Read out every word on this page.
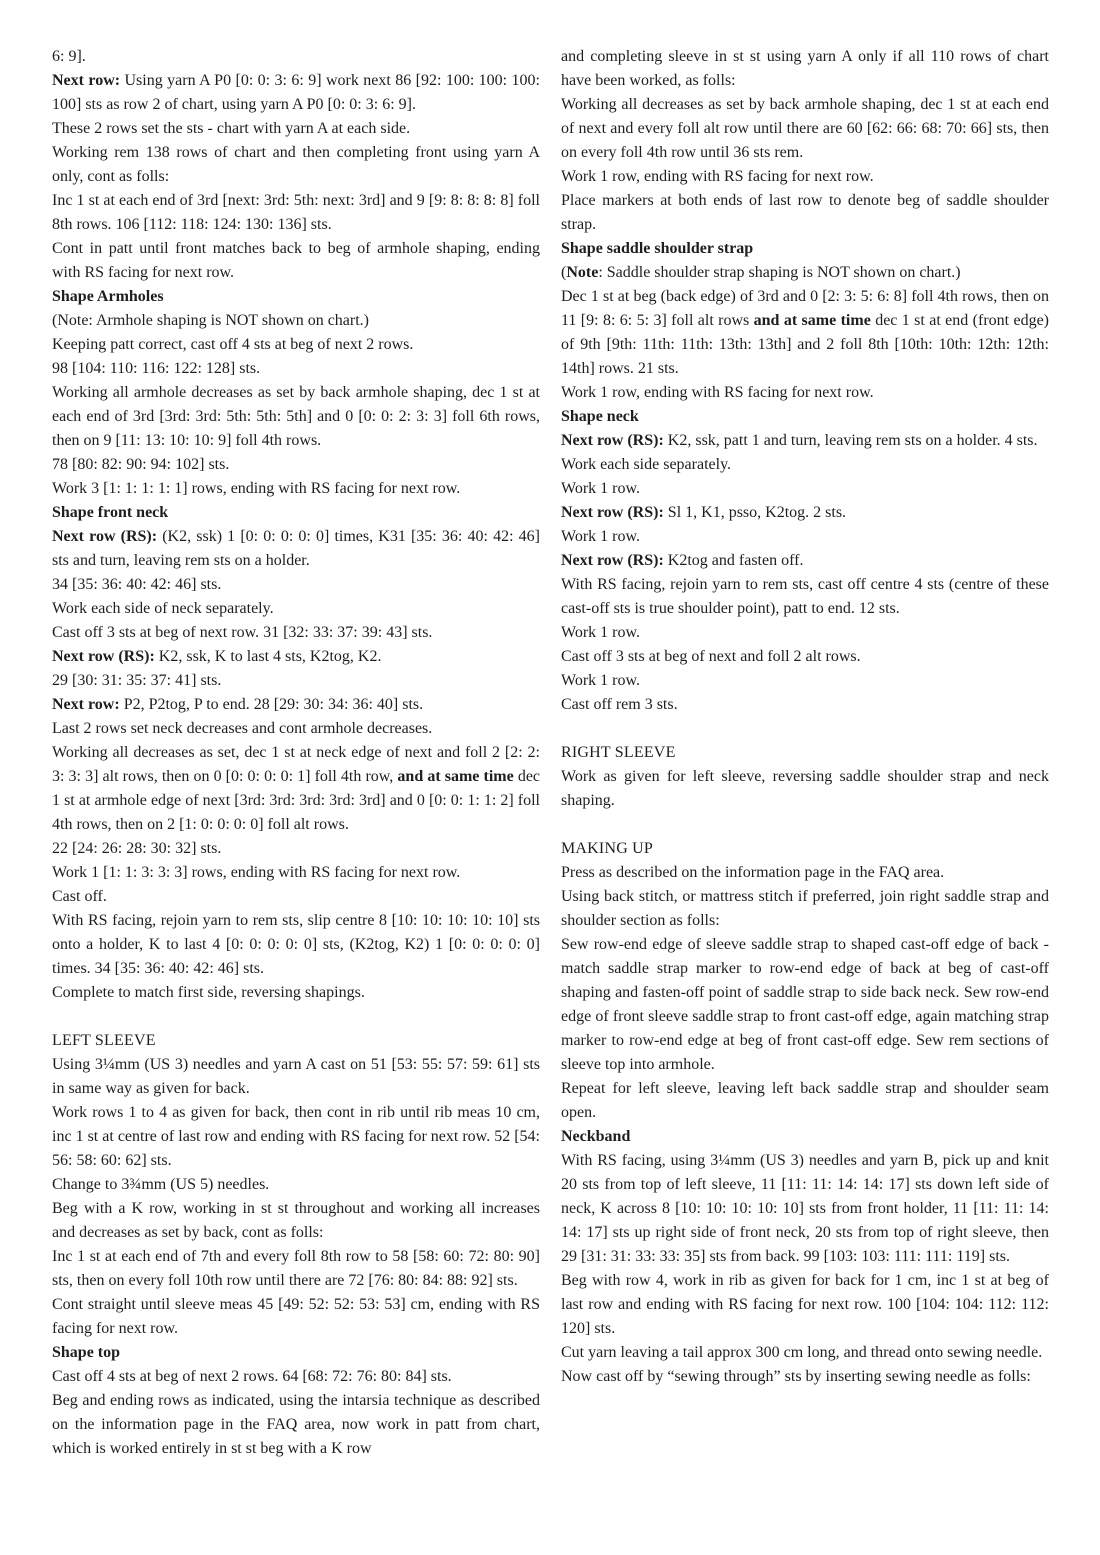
6: 9].

Next row: Using yarn A P0 [0: 0: 3: 6: 9] work next 86 [92: 100: 100: 100: 100] sts as row 2 of chart, using yarn A P0 [0: 0: 3: 6: 9].

These 2 rows set the sts - chart with yarn A at each side.

Working rem 138 rows of chart and then completing front using yarn A only, cont as folls:

Inc 1 st at each end of 3rd [next: 3rd: 5th: next: 3rd] and 9 [9: 8: 8: 8: 8] foll 8th rows. 106 [112: 118: 124: 130: 136] sts.

Cont in patt until front matches back to beg of armhole shaping, ending with RS facing for next row.

Shape Armholes

(Note: Armhole shaping is NOT shown on chart.)

Keeping patt correct, cast off 4 sts at beg of next 2 rows.

98 [104: 110: 116: 122: 128] sts.

Working all armhole decreases as set by back armhole shaping, dec 1 st at each end of 3rd [3rd: 3rd: 5th: 5th: 5th] and 0 [0: 0: 2: 3: 3] foll 6th rows, then on 9 [11: 13: 10: 10: 9] foll 4th rows.

78 [80: 82: 90: 94: 102] sts.

Work 3 [1: 1: 1: 1: 1] rows, ending with RS facing for next row.

Shape front neck

Next row (RS): (K2, ssk) 1 [0: 0: 0: 0: 0] times, K31 [35: 36: 40: 42: 46] sts and turn, leaving rem sts on a holder.

34 [35: 36: 40: 42: 46] sts.

Work each side of neck separately.

Cast off 3 sts at beg of next row. 31 [32: 33: 37: 39: 43] sts.

Next row (RS): K2, ssk, K to last 4 sts, K2tog, K2.

29 [30: 31: 35: 37: 41] sts.

Next row: P2, P2tog, P to end. 28 [29: 30: 34: 36: 40] sts.

Last 2 rows set neck decreases and cont armhole decreases.

Working all decreases as set, dec 1 st at neck edge of next and foll 2 [2: 2: 3: 3: 3] alt rows, then on 0 [0: 0: 0: 0: 1] foll 4th row, and at same time dec 1 st at armhole edge of next [3rd: 3rd: 3rd: 3rd: 3rd] and 0 [0: 0: 1: 1: 2] foll 4th rows, then on 2 [1: 0: 0: 0: 0] foll alt rows.

22 [24: 26: 28: 30: 32] sts.

Work 1 [1: 1: 3: 3: 3] rows, ending with RS facing for next row.

Cast off.

With RS facing, rejoin yarn to rem sts, slip centre 8 [10: 10: 10: 10: 10] sts onto a holder, K to last 4 [0: 0: 0: 0: 0] sts, (K2tog, K2) 1 [0: 0: 0: 0: 0] times. 34 [35: 36: 40: 42: 46] sts.

Complete to match first side, reversing shapings.

LEFT SLEEVE

Using 3¼mm (US 3) needles and yarn A cast on 51 [53: 55: 57: 59: 61] sts in same way as given for back.

Work rows 1 to 4 as given for back, then cont in rib until rib meas 10 cm, inc 1 st at centre of last row and ending with RS facing for next row. 52 [54: 56: 58: 60: 62] sts.

Change to 3¾mm (US 5) needles.

Beg with a K row, working in st st throughout and working all increases and decreases as set by back, cont as folls:

Inc 1 st at each end of 7th and every foll 8th row to 58 [58: 60: 72: 80: 90] sts, then on every foll 10th row until there are 72 [76: 80: 84: 88: 92] sts.

Cont straight until sleeve meas 45 [49: 52: 52: 53: 53] cm, ending with RS facing for next row.

Shape top

Cast off 4 sts at beg of next 2 rows. 64 [68: 72: 76: 80: 84] sts.

Beg and ending rows as indicated, using the intarsia technique as described on the information page in the FAQ area, now work in patt from chart, which is worked entirely in st st beg with a K row

and completing sleeve in st st using yarn A only if all 110 rows of chart have been worked, as folls:

Working all decreases as set by back armhole shaping, dec 1 st at each end of next and every foll alt row until there are 60 [62: 66: 68: 70: 66] sts, then on every foll 4th row until 36 sts rem.

Work 1 row, ending with RS facing for next row.

Place markers at both ends of last row to denote beg of saddle shoulder strap.

Shape saddle shoulder strap

(Note: Saddle shoulder strap shaping is NOT shown on chart.)

Dec 1 st at beg (back edge) of 3rd and 0 [2: 3: 5: 6: 8] foll 4th rows, then on 11 [9: 8: 6: 5: 3] foll alt rows and at same time dec 1 st at end (front edge) of 9th [9th: 11th: 11th: 13th: 13th] and 2 foll 8th [10th: 10th: 12th: 12th: 14th] rows. 21 sts.

Work 1 row, ending with RS facing for next row.

Shape neck

Next row (RS): K2, ssk, patt 1 and turn, leaving rem sts on a holder. 4 sts.

Work each side separately.

Work 1 row.

Next row (RS): Sl 1, K1, psso, K2tog. 2 sts.

Work 1 row.

Next row (RS): K2tog and fasten off.

With RS facing, rejoin yarn to rem sts, cast off centre 4 sts (centre of these cast-off sts is true shoulder point), patt to end. 12 sts.

Work 1 row.

Cast off 3 sts at beg of next and foll 2 alt rows.

Work 1 row.

Cast off rem 3 sts.

RIGHT SLEEVE

Work as given for left sleeve, reversing saddle shoulder strap and neck shaping.

MAKING UP

Press as described on the information page in the FAQ area.

Using back stitch, or mattress stitch if preferred, join right saddle strap and shoulder section as folls:

Sew row-end edge of sleeve saddle strap to shaped cast-off edge of back - match saddle strap marker to row-end edge of back at beg of cast-off shaping and fasten-off point of saddle strap to side back neck. Sew row-end edge of front sleeve saddle strap to front cast-off edge, again matching strap marker to row-end edge at beg of front cast-off edge. Sew rem sections of sleeve top into armhole.

Repeat for left sleeve, leaving left back saddle strap and shoulder seam open.

Neckband

With RS facing, using 3¼mm (US 3) needles and yarn B, pick up and knit 20 sts from top of left sleeve, 11 [11: 11: 14: 14: 17] sts down left side of neck, K across 8 [10: 10: 10: 10: 10] sts from front holder, 11 [11: 11: 14: 14: 17] sts up right side of front neck, 20 sts from top of right sleeve, then 29 [31: 31: 33: 33: 35] sts from back. 99 [103: 103: 111: 111: 119] sts.

Beg with row 4, work in rib as given for back for 1 cm, inc 1 st at beg of last row and ending with RS facing for next row. 100 [104: 104: 112: 112: 120] sts.

Cut yarn leaving a tail approx 300 cm long, and thread onto sewing needle.

Now cast off by “sewing through” sts by inserting sewing needle as folls:
